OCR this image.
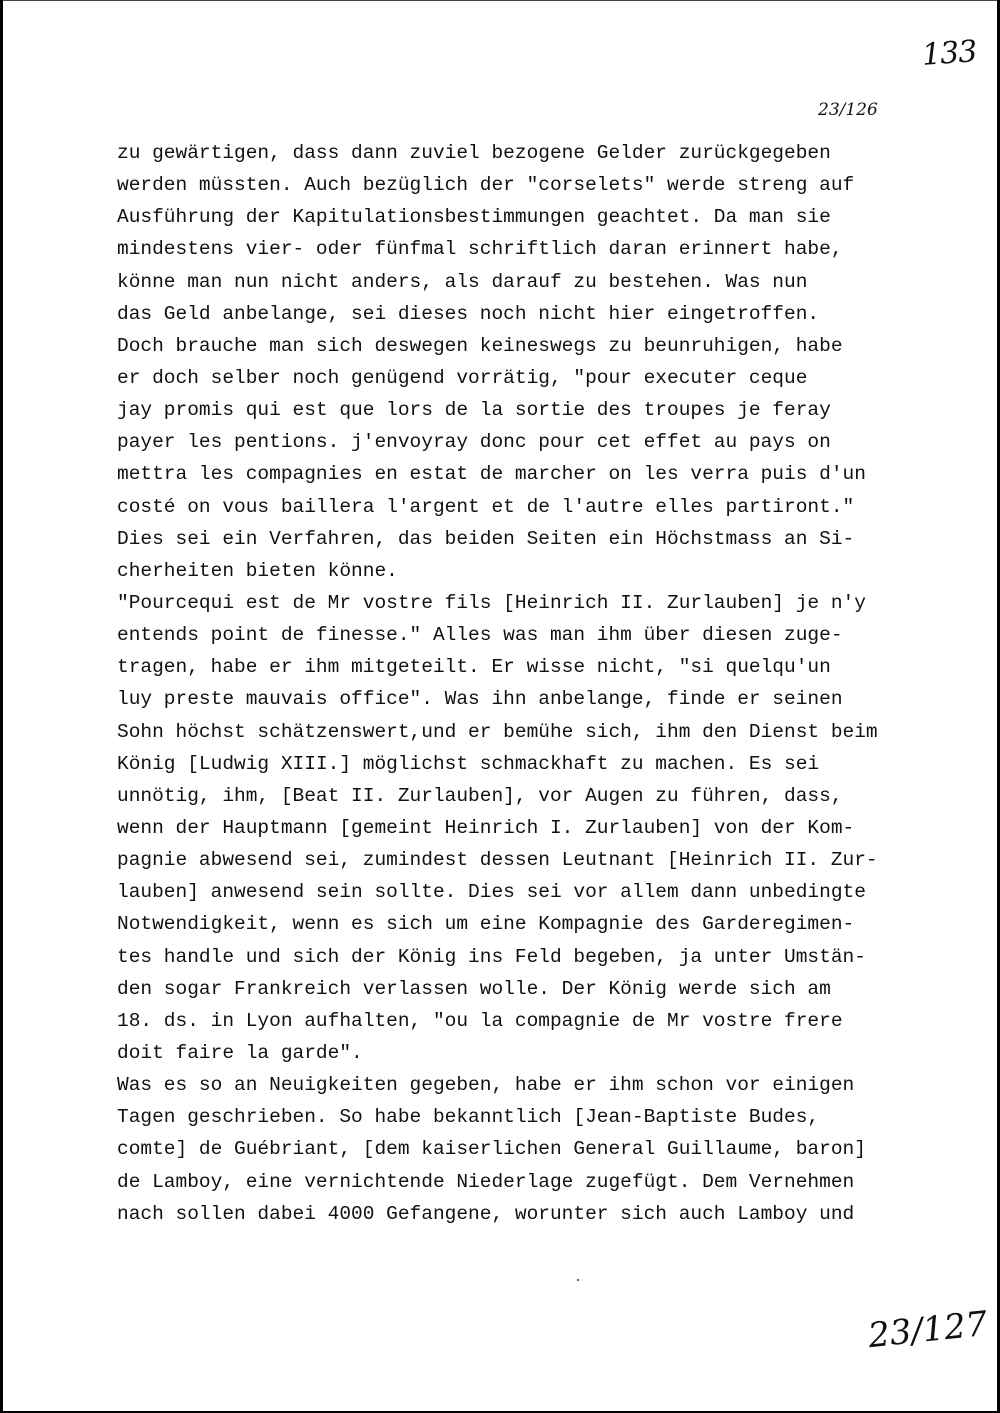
133
23/126
zu gewärtigen, dass dann zuviel bezogene Gelder zurückgegeben
werden müssten. Auch bezüglich der "corselets" werde streng auf
Ausführung der Kapitulationsbestimmungen geachtet. Da man sie
mindestens vier- oder fünfmal schriftlich daran erinnert habe,
könne man nun nicht anders, als darauf zu bestehen. Was nun
das Geld anbelange, sei dieses noch nicht hier eingetroffen.
Doch brauche man sich deswegen keineswegs zu beunruhigen, habe
er doch selber noch genügend vorrätig, "pour executer ceque
jay promis qui est que lors de la sortie des troupes je feray
payer les pentions. j'envoyray donc pour cet effet au pays on
mettra les compagnies en estat de marcher on les verra puis d'un
costé on vous baillera l'argent et de l'autre elles partiront."
Dies sei ein Verfahren, das beiden Seiten ein Höchstmass an Si-
cherheiten bieten könne.
"Pourcequi est de Mr vostre fils [Heinrich II. Zurlauben] je n'y
entends point de finesse." Alles was man ihm über diesen zuge-
tragen, habe er ihm mitgeteilt. Er wisse nicht, "si quelqu'un
luy preste mauvais office". Was ihn anbelange, finde er seinen
Sohn höchst schätzenswert,und er bemühe sich, ihm den Dienst beim
König [Ludwig XIII.] möglichst schmackhaft zu machen. Es sei
unnötig, ihm, [Beat II. Zurlauben], vor Augen zu führen, dass,
wenn der Hauptmann [gemeint Heinrich I. Zurlauben] von der Kom-
pagnie abwesend sei, zumindest dessen Leutnant [Heinrich II. Zur-
lauben] anwesend sein sollte. Dies sei vor allem dann unbedingte
Notwendigkeit, wenn es sich um eine Kompagnie des Garderegimen-
tes handle und sich der König ins Feld begeben, ja unter Umstän-
den sogar Frankreich verlassen wolle. Der König werde sich am
18. ds. in Lyon aufhalten, "ou la compagnie de Mr vostre frere
doit faire la garde".
Was es so an Neuigkeiten gegeben, habe er ihm schon vor einigen
Tagen geschrieben. So habe bekanntlich [Jean-Baptiste Budes,
comte] de Guébriant, [dem kaiserlichen General Guillaume, baron]
de Lamboy, eine vernichtende Niederlage zugefügt. Dem Vernehmen
nach sollen dabei 4000 Gefangene, worunter sich auch Lamboy und
23/127
